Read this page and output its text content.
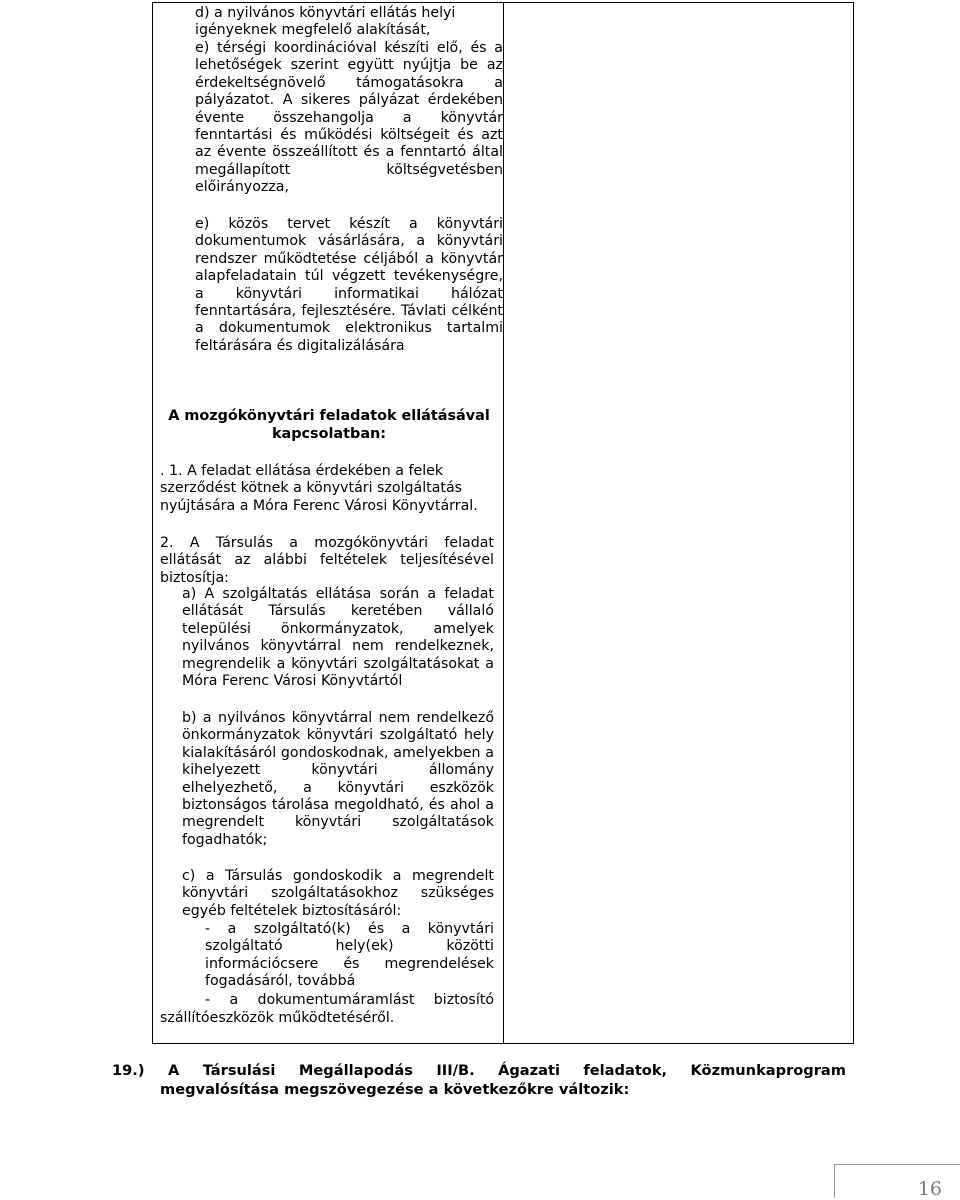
d) a nyilvános könyvtári ellátás helyi igényeknek megfelelő alakítását,

e) térségi koordinációval készíti elő, és a lehetőségek szerint együtt nyújtja be az érdekeltségnövelő támogatásokra a pályázatot. A sikeres pályázat érdekében évente összehangolja a könyvtár fenntartási és működési költségeit és azt az évente összeállított és a fenntartó által megállapított költségvetésben előirányozza,

e) közös tervet készít a könyvtári dokumentumok vásárlására, a könyvtári rendszer működtetése céljából a könyvtár alapfeladatain túl végzett tevékenységre, a könyvtári informatikai hálózat fenntartására, fejlesztésére. Távlati célként a dokumentumok elektronikus tartalmi feltárására és digitalizálására

A mozgókönyvtári feladatok ellátásával kapcsolatban:

. 1. A feladat ellátása érdekében a felek szerződést kötnek a könyvtári szolgáltatás nyújtására a Móra Ferenc Városi Könyvtárral.

2. A Társulás a mozgókönyvtári feladat ellátását az alábbi feltételek teljesítésével biztosítja:

a) A szolgáltatás ellátása során a feladat ellátását Társulás keretében vállaló települési önkormányzatok, amelyek nyilvános könyvtárral nem rendelkeznek, megrendelik a könyvtári szolgáltatásokat a Móra Ferenc Városi Könyvtártól

b) a nyilvános könyvtárral nem rendelkező önkormányzatok könyvtári szolgáltató hely kialakításáról gondoskodnak, amelyekben a kihelyezett könyvtári állomány elhelyezhető, a könyvtári eszközök biztonságos tárolása megoldható, és ahol a megrendelt könyvtári szolgáltatások fogadhatók;

c) a Társulás gondoskodik a megrendelt könyvtári szolgáltatásokhoz szükséges egyéb feltételek biztosításáról:

- a szolgáltató(k) és a könyvtári szolgáltató hely(ek) közötti információcsere és megrendelések fogadásáról, továbbá

- a dokumentumáramlást biztosító

szállítóeszközök működtetéséről.

19.) A Társulási Megállapodás III/B. Ágazati feladatok, Közmunkaprogram
megvalósítása megszövegezése a következőkre változik:

16
